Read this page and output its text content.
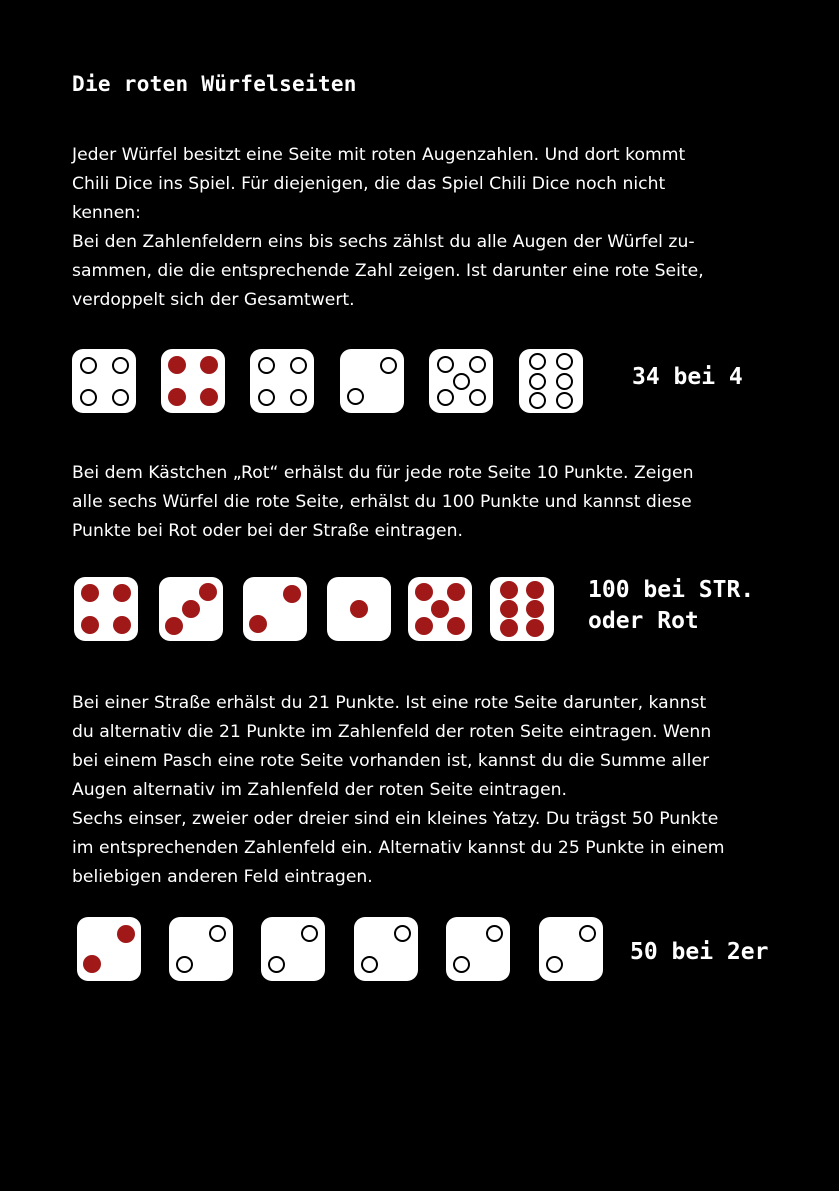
Die roten Würfelseiten
Jeder Würfel besitzt eine Seite mit roten Augenzahlen. Und dort kommt
Chili Dice ins Spiel. Für diejenigen, die das Spiel Chili Dice noch nicht
kennen:
Bei den Zahlenfeldern eins bis sechs zählst du alle Augen der Würfel zu-
sammen, die die entsprechende Zahl zeigen. Ist darunter eine rote Seite,
verdoppelt sich der Gesamtwert.
34 bei 4
Bei dem Kästchen „Rot“ erhälst du für jede rote Seite 10 Punkte. Zeigen
alle sechs Würfel die rote Seite, erhälst du 100 Punkte und kannst diese
Punkte bei Rot oder bei der Straße eintragen.
100 bei STR.
oder Rot
Bei einer Straße erhälst du 21 Punkte. Ist eine rote Seite darunter, kannst
du alternativ die 21 Punkte im Zahlenfeld der roten Seite eintragen. Wenn
bei einem Pasch eine rote Seite vorhanden ist, kannst du die Summe aller
Augen alternativ im Zahlenfeld der roten Seite eintragen.
Sechs einser, zweier oder dreier sind ein kleines Yatzy. Du trägst 50 Punkte
im entsprechenden Zahlenfeld ein. Alternativ kannst du 25 Punkte in einem
beliebigen anderen Feld eintragen.
50 bei 2er
